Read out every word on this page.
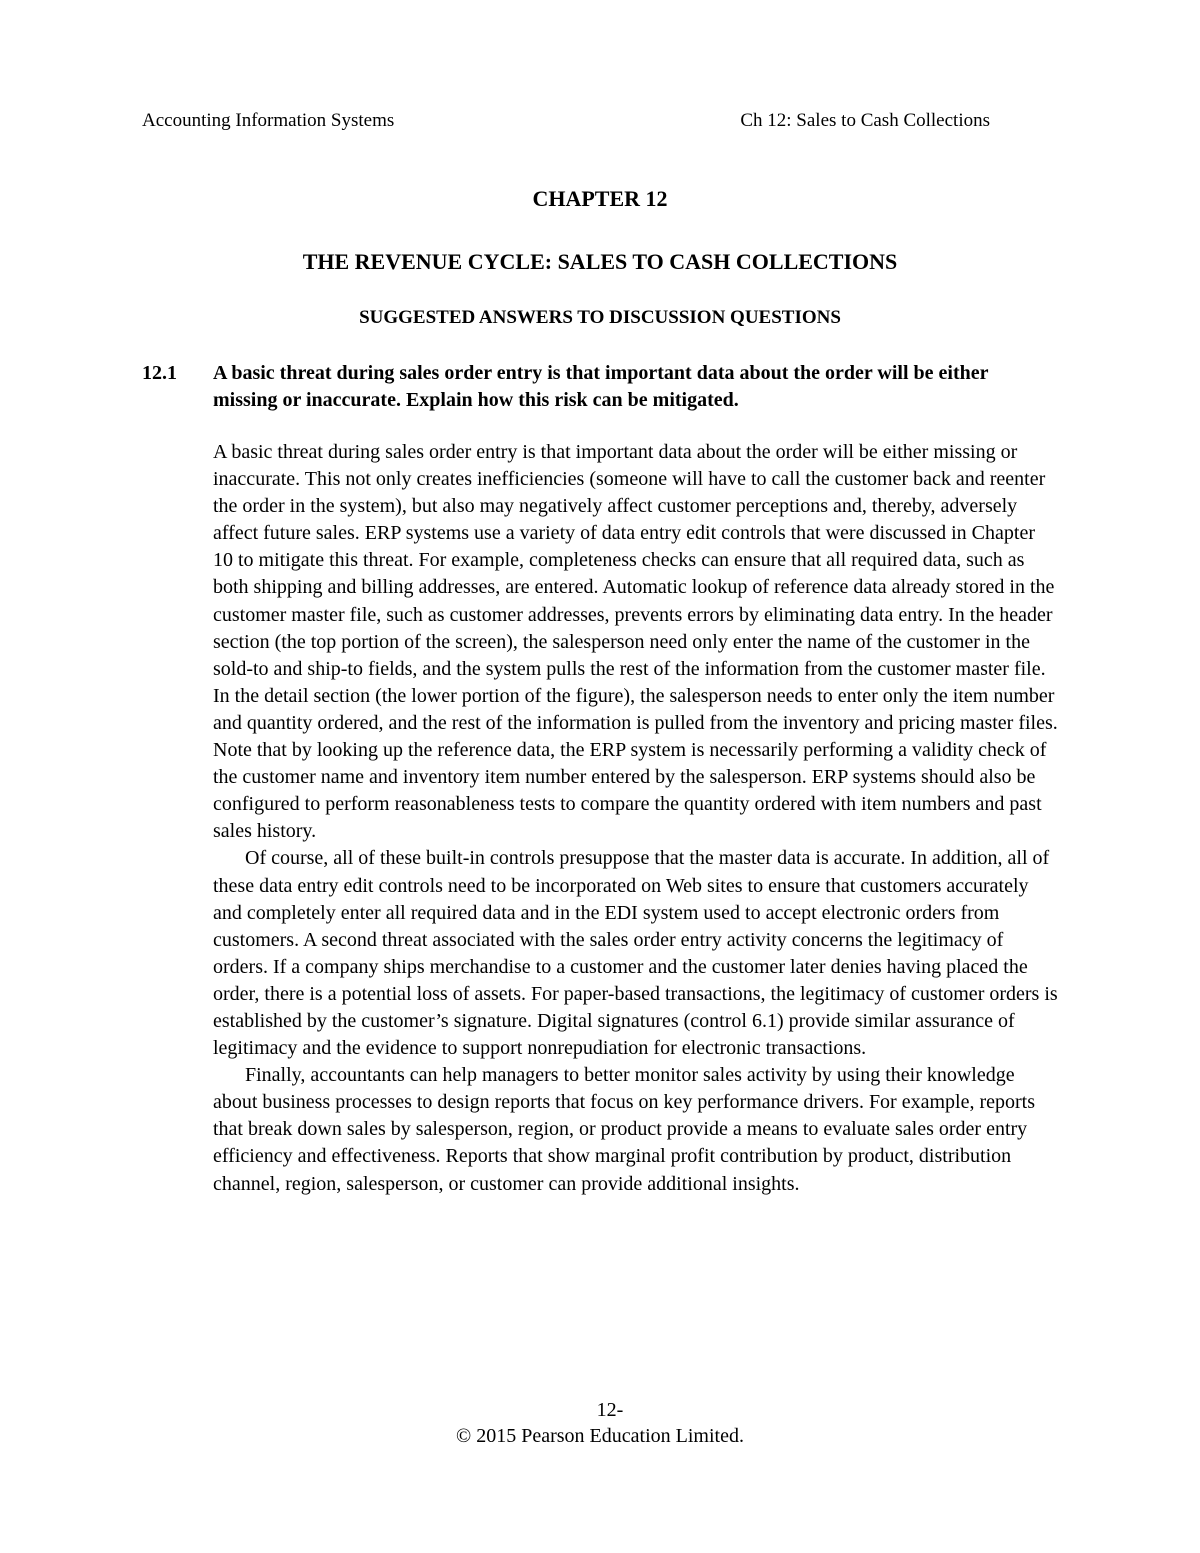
Accounting Information Systems	Ch 12: Sales to Cash Collections
CHAPTER 12
THE REVENUE CYCLE: SALES TO CASH COLLECTIONS
SUGGESTED ANSWERS TO DISCUSSION QUESTIONS
12.1 A basic threat during sales order entry is that important data about the order will be either missing or inaccurate. Explain how this risk can be mitigated.

A basic threat during sales order entry is that important data about the order will be either missing or inaccurate. This not only creates inefficiencies (someone will have to call the customer back and reenter the order in the system), but also may negatively affect customer perceptions and, thereby, adversely affect future sales. ERP systems use a variety of data entry edit controls that were discussed in Chapter 10 to mitigate this threat. For example, completeness checks can ensure that all required data, such as both shipping and billing addresses, are entered. Automatic lookup of reference data already stored in the customer master file, such as customer addresses, prevents errors by eliminating data entry. In the header section (the top portion of the screen), the salesperson need only enter the name of the customer in the sold-to and ship-to fields, and the system pulls the rest of the information from the customer master file. In the detail section (the lower portion of the figure), the salesperson needs to enter only the item number and quantity ordered, and the rest of the information is pulled from the inventory and pricing master files. Note that by looking up the reference data, the ERP system is necessarily performing a validity check of the customer name and inventory item number entered by the salesperson. ERP systems should also be configured to perform reasonableness tests to compare the quantity ordered with item numbers and past sales history.

Of course, all of these built-in controls presuppose that the master data is accurate. In addition, all of these data entry edit controls need to be incorporated on Web sites to ensure that customers accurately and completely enter all required data and in the EDI system used to accept electronic orders from customers. A second threat associated with the sales order entry activity concerns the legitimacy of orders. If a company ships merchandise to a customer and the customer later denies having placed the order, there is a potential loss of assets. For paper-based transactions, the legitimacy of customer orders is established by the customer’s signature. Digital signatures (control 6.1) provide similar assurance of legitimacy and the evidence to support nonrepudiation for electronic transactions.

Finally, accountants can help managers to better monitor sales activity by using their knowledge about business processes to design reports that focus on key performance drivers. For example, reports that break down sales by salesperson, region, or product provide a means to evaluate sales order entry efficiency and effectiveness. Reports that show marginal profit contribution by product, distribution channel, region, salesperson, or customer can provide additional insights.

12-
© 2015 Pearson Education Limited.
